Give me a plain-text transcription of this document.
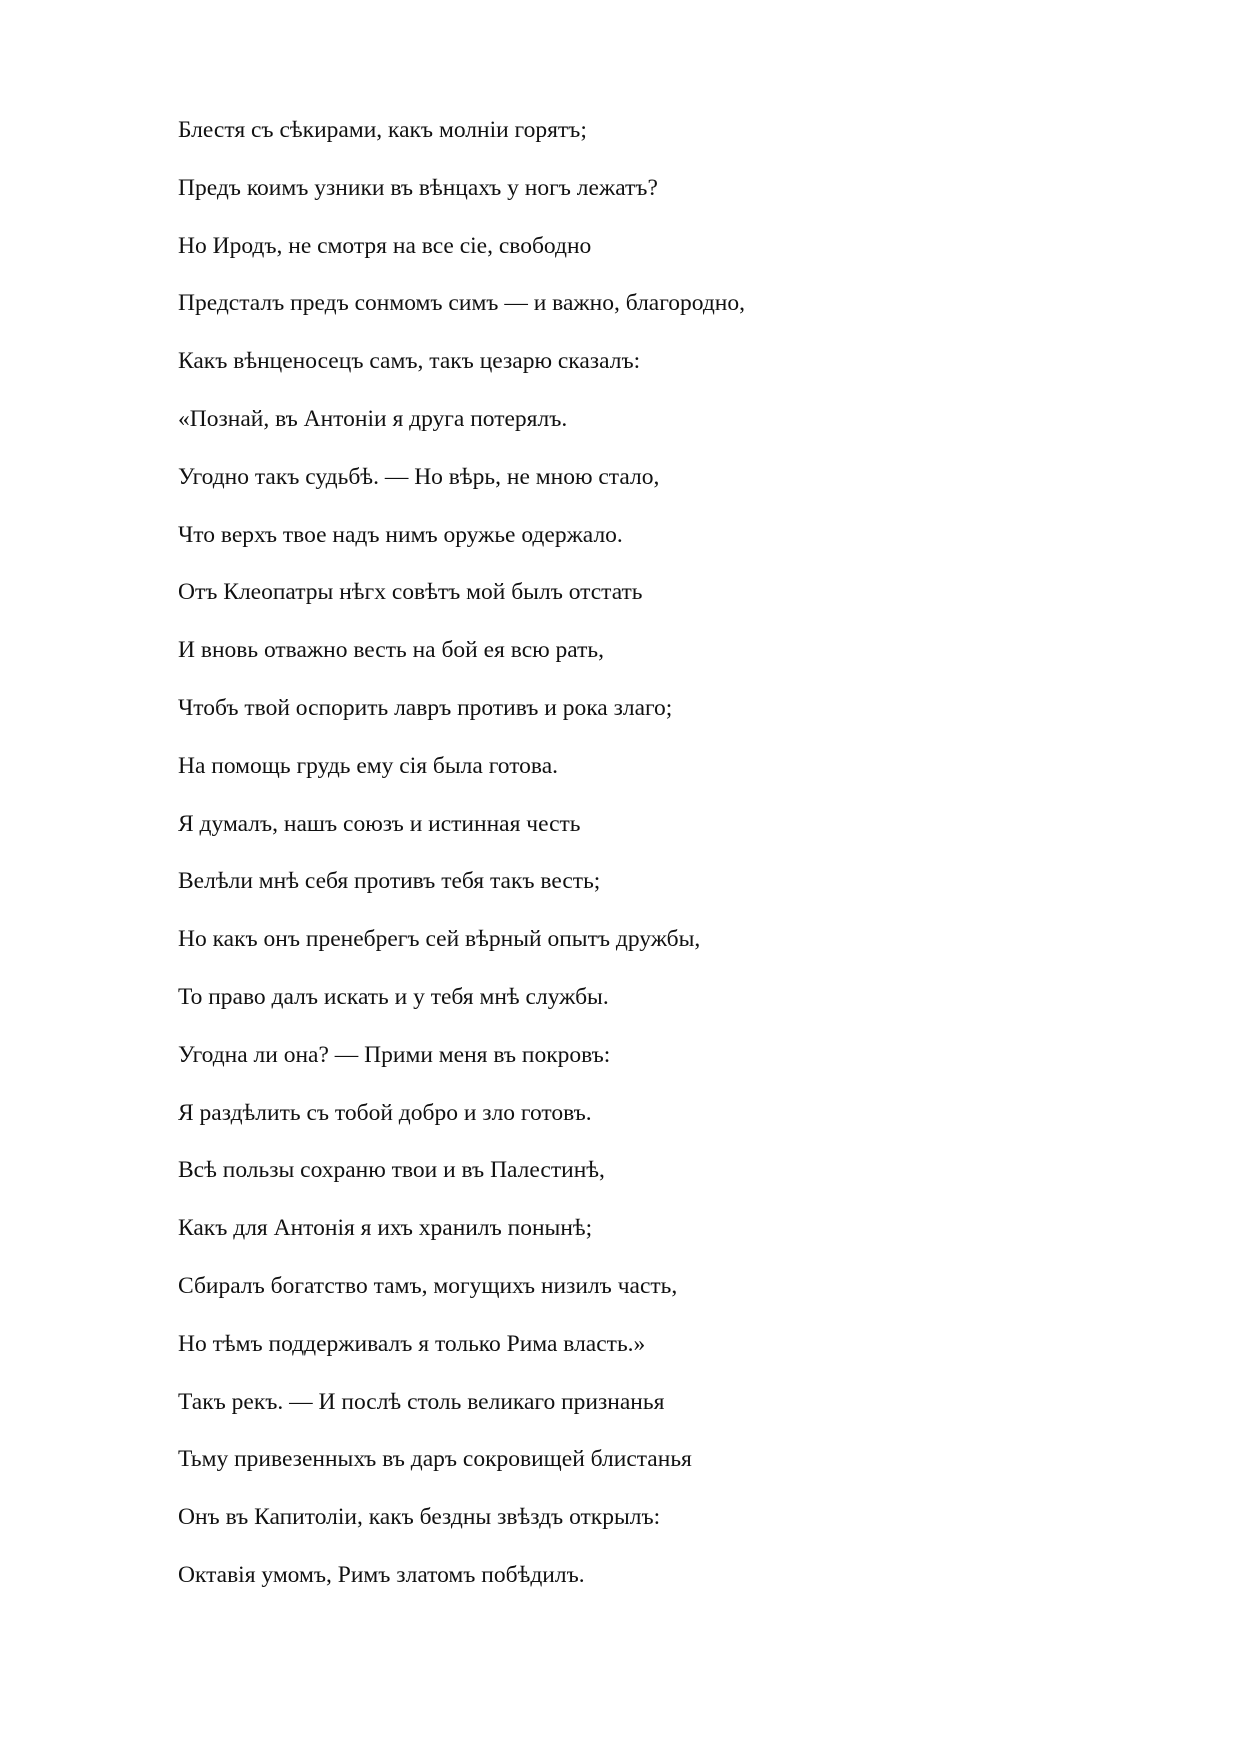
Блестя съ сѣкирами, какъ молніи горятъ;
Предъ коимъ узники въ вѣнцахъ у ногъ лежатъ?
Но Иродъ, не смотря на все сіе, свободно
Предсталъ предъ сонмомъ симъ — и важно, благородно,
Какъ вѣнценосецъ самъ, такъ цезарю сказалъ:
«Познай, въ Антоніи я друга потерялъ.
Угодно такъ судьбѣ. — Но вѣрь, не мною стало,
Что верхъ твое надъ нимъ оружье одержало.
Отъ Клеопатры нѣгх совѣтъ мой былъ отстать
И вновь отважно весть на бой ея всю рать,
Чтобъ твой оспорить лавръ противъ и рока злаго;
На помощь грудь ему сія была готова.
Я думалъ, нашъ союзъ и истинная честь
Велѣли мнѣ себя противъ тебя такъ весть;
Но какъ онъ пренебрегъ сей вѣрный опытъ дружбы,
То право далъ искать и у тебя мнѣ службы.
Угодна ли она? — Прими меня въ покровъ:
Я раздѣлить съ тобой добро и зло готовъ.
Всѣ пользы сохраню твои и въ Палестинѣ,
Какъ для Антонія я ихъ хранилъ понынѣ;
Сбиралъ богатство тамъ, могущихъ низилъ часть,
Но тѣмъ поддерживалъ я только Рима власть.»
Такъ рекъ. — И послѣ столь великаго признанья
Тьму привезенныхъ въ даръ сокровищей блистанья
Онъ въ Капитоліи, какъ бездны звѣздъ открылъ:
Октавія умомъ, Римъ златомъ побѣдилъ.
